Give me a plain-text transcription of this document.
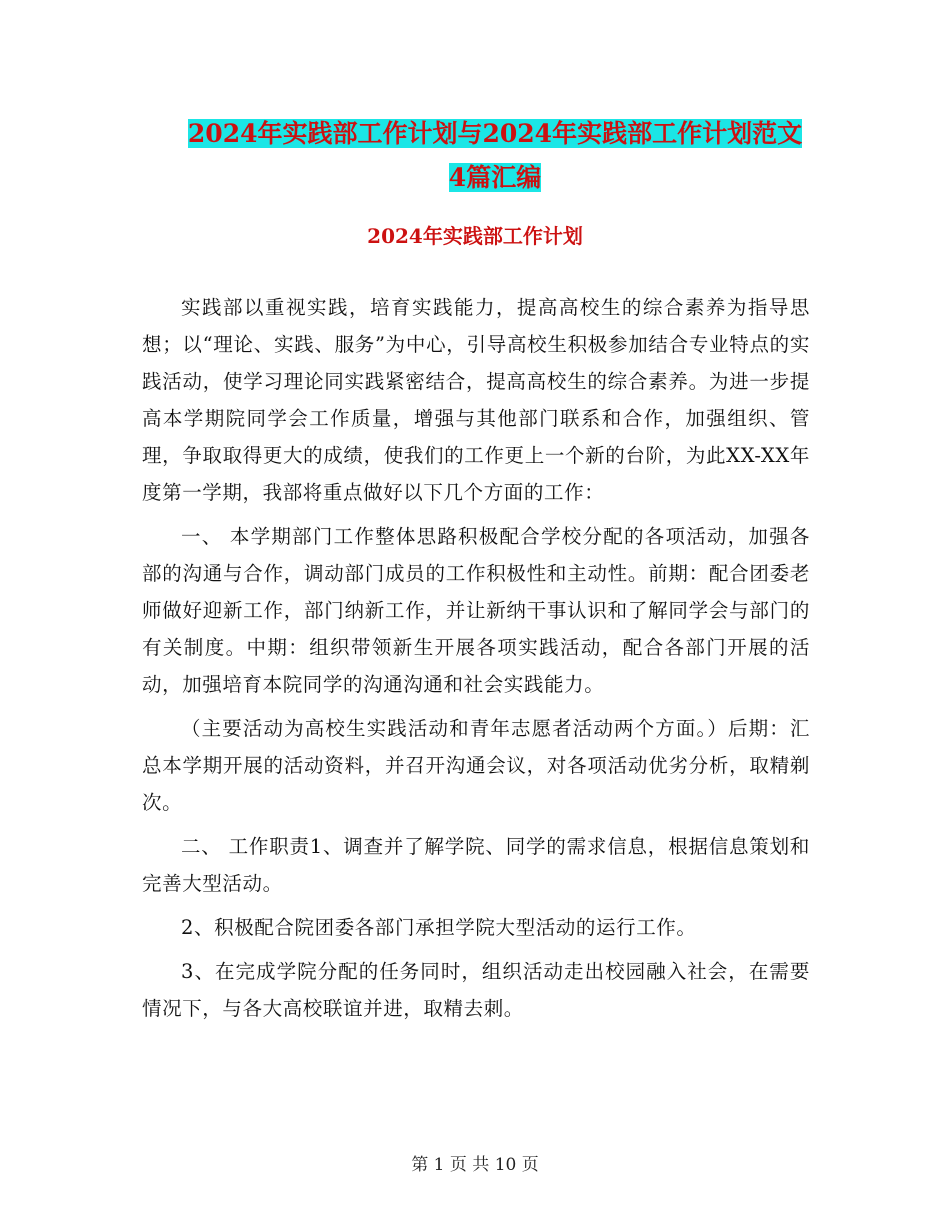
2024年实践部工作计划与2024年实践部工作计划范文
4篇汇编
2024年实践部工作计划

实践部以重视实践，培育实践能力，提高高校生的综合素养为指导思想；以“理论、实践、服务”为中心，引导高校生积极参加结合专业特点的实践活动，使学习理论同实践紧密结合，提高高校生的综合素养。为进一步提高本学期院同学会工作质量，增强与其他部门联系和合作，加强组织、管理，争取取得更大的成绩，使我们的工作更上一个新的台阶，为此XX-XX年度第一学期，我部将重点做好以下几个方面的工作：

一、 本学期部门工作整体思路积极配合学校分配的各项活动，加强各部的沟通与合作，调动部门成员的工作积极性和主动性。前期：配合团委老师做好迎新工作，部门纳新工作，并让新纳干事认识和了解同学会与部门的有关制度。中期：组织带领新生开展各项实践活动，配合各部门开展的活动，加强培育本院同学的沟通沟通和社会实践能力。

（主要活动为高校生实践活动和青年志愿者活动两个方面。）后期：汇总本学期开展的活动资料，并召开沟通会议，对各项活动优劣分析，取精剃次。

二、 工作职责1、调查并了解学院、同学的需求信息，根据信息策划和完善大型活动。

2、积极配合院团委各部门承担学院大型活动的运行工作。

3、在完成学院分配的任务同时，组织活动走出校园融入社会，在需要情况下，与各大高校联谊并进，取精去刺。

第 1 页 共 10 页
